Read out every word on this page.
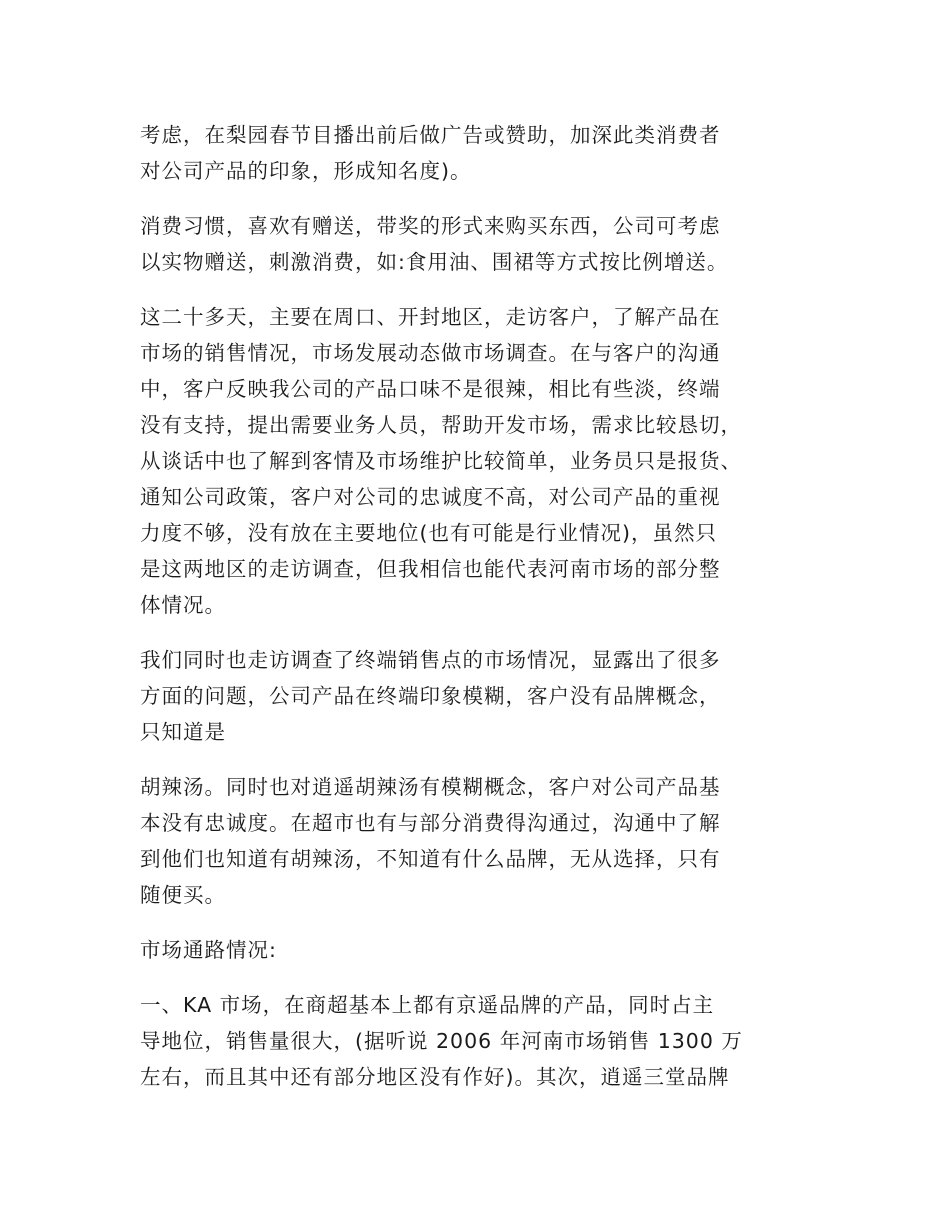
考虑，在梨园春节目播出前后做广告或赞助，加深此类消费者
对公司产品的印象，形成知名度)。

消费习惯，喜欢有赠送，带奖的形式来购买东西，公司可考虑
以实物赠送，刺激消费，如:食用油、围裙等方式按比例增送。

这二十多天，主要在周口、开封地区，走访客户，了解产品在
市场的销售情况，市场发展动态做市场调查。在与客户的沟通
中，客户反映我公司的产品口味不是很辣，相比有些淡，终端
没有支持，提出需要业务人员，帮助开发市场，需求比较恳切，
从谈话中也了解到客情及市场维护比较简单，业务员只是报货、
通知公司政策，客户对公司的忠诚度不高，对公司产品的重视
力度不够，没有放在主要地位(也有可能是行业情况)，虽然只
是这两地区的走访调查，但我相信也能代表河南市场的部分整
体情况。

我们同时也走访调查了终端销售点的市场情况，显露出了很多
方面的问题，公司产品在终端印象模糊，客户没有品牌概念，
只知道是

胡辣汤。同时也对逍遥胡辣汤有模糊概念，客户对公司产品基
本没有忠诚度。在超市也有与部分消费得沟通过，沟通中了解
到他们也知道有胡辣汤，不知道有什么品牌，无从选择，只有
随便买。

市场通路情况:

一、KA 市场，在商超基本上都有京遥品牌的产品，同时占主
导地位，销售量很大，(据听说 2006 年河南市场销售 1300 万
左右，而且其中还有部分地区没有作好)。其次，逍遥三堂品牌
